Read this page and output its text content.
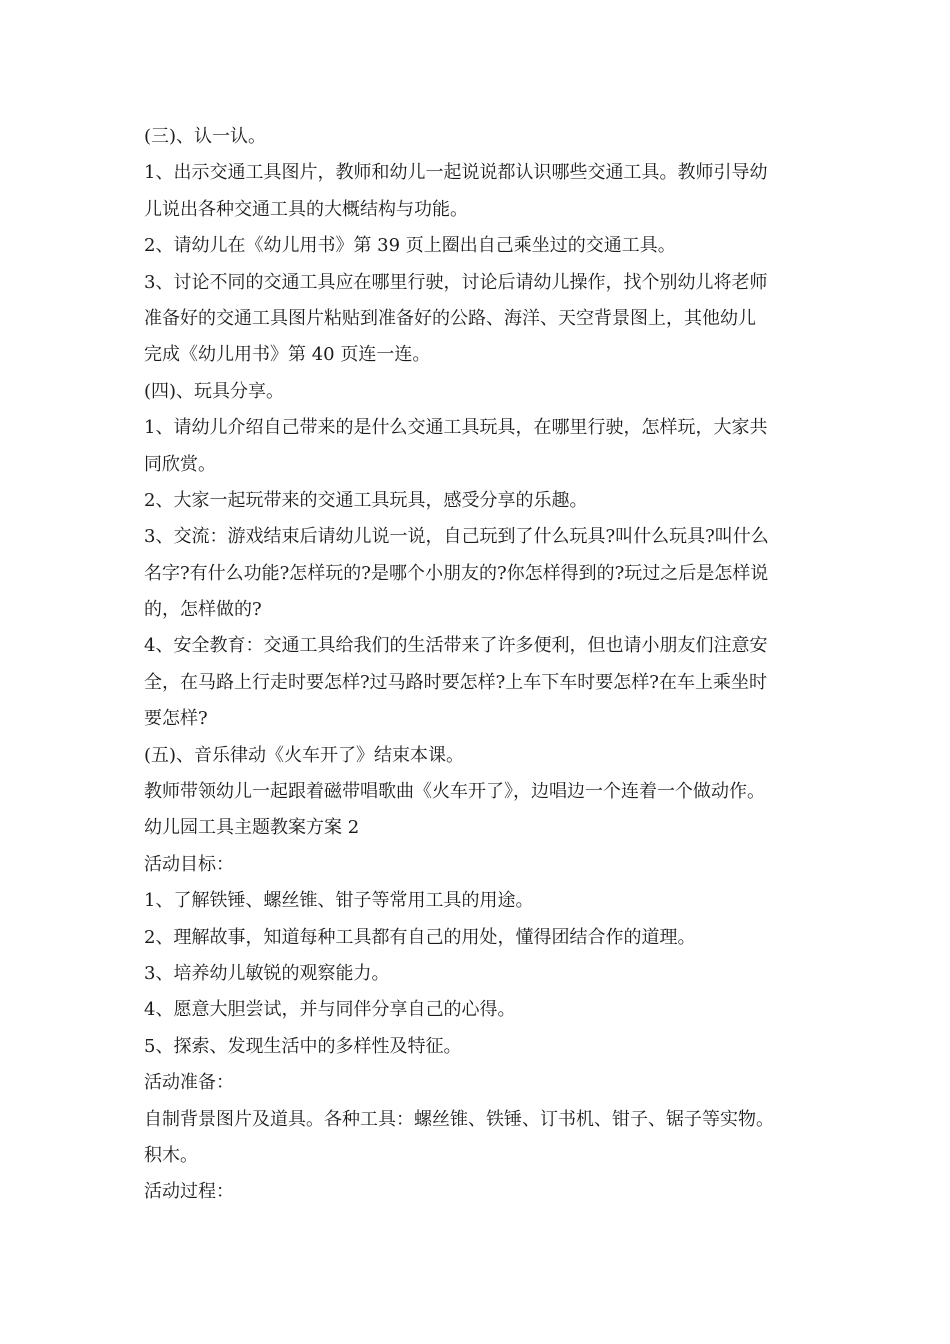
(三)、认一认。
1、出示交通工具图片，教师和幼儿一起说说都认识哪些交通工具。教师引导幼
儿说出各种交通工具的大概结构与功能。
2、请幼儿在《幼儿用书》第 39 页上圈出自己乘坐过的交通工具。
3、讨论不同的交通工具应在哪里行驶，讨论后请幼儿操作，找个别幼儿将老师
准备好的交通工具图片粘贴到准备好的公路、海洋、天空背景图上，其他幼儿
完成《幼儿用书》第 40 页连一连。
(四)、玩具分享。
1、请幼儿介绍自己带来的是什么交通工具玩具，在哪里行驶，怎样玩，大家共
同欣赏。
2、大家一起玩带来的交通工具玩具，感受分享的乐趣。
3、交流：游戏结束后请幼儿说一说，自己玩到了什么玩具?叫什么玩具?叫什么
名字?有什么功能?怎样玩的?是哪个小朋友的?你怎样得到的?玩过之后是怎样说
的，怎样做的?
4、安全教育：交通工具给我们的生活带来了许多便利，但也请小朋友们注意安
全，在马路上行走时要怎样?过马路时要怎样?上车下车时要怎样?在车上乘坐时
要怎样?
(五)、音乐律动《火车开了》结束本课。
教师带领幼儿一起跟着磁带唱歌曲《火车开了》，边唱边一个连着一个做动作。
幼儿园工具主题教案方案 2
活动目标：
1、了解铁锤、螺丝锥、钳子等常用工具的用途。
2、理解故事，知道每种工具都有自己的用处，懂得团结合作的道理。
3、培养幼儿敏锐的观察能力。
4、愿意大胆尝试，并与同伴分享自己的心得。
5、探索、发现生活中的多样性及特征。
活动准备：
自制背景图片及道具。各种工具：螺丝锥、铁锤、订书机、钳子、锯子等实物。
积木。
活动过程：
